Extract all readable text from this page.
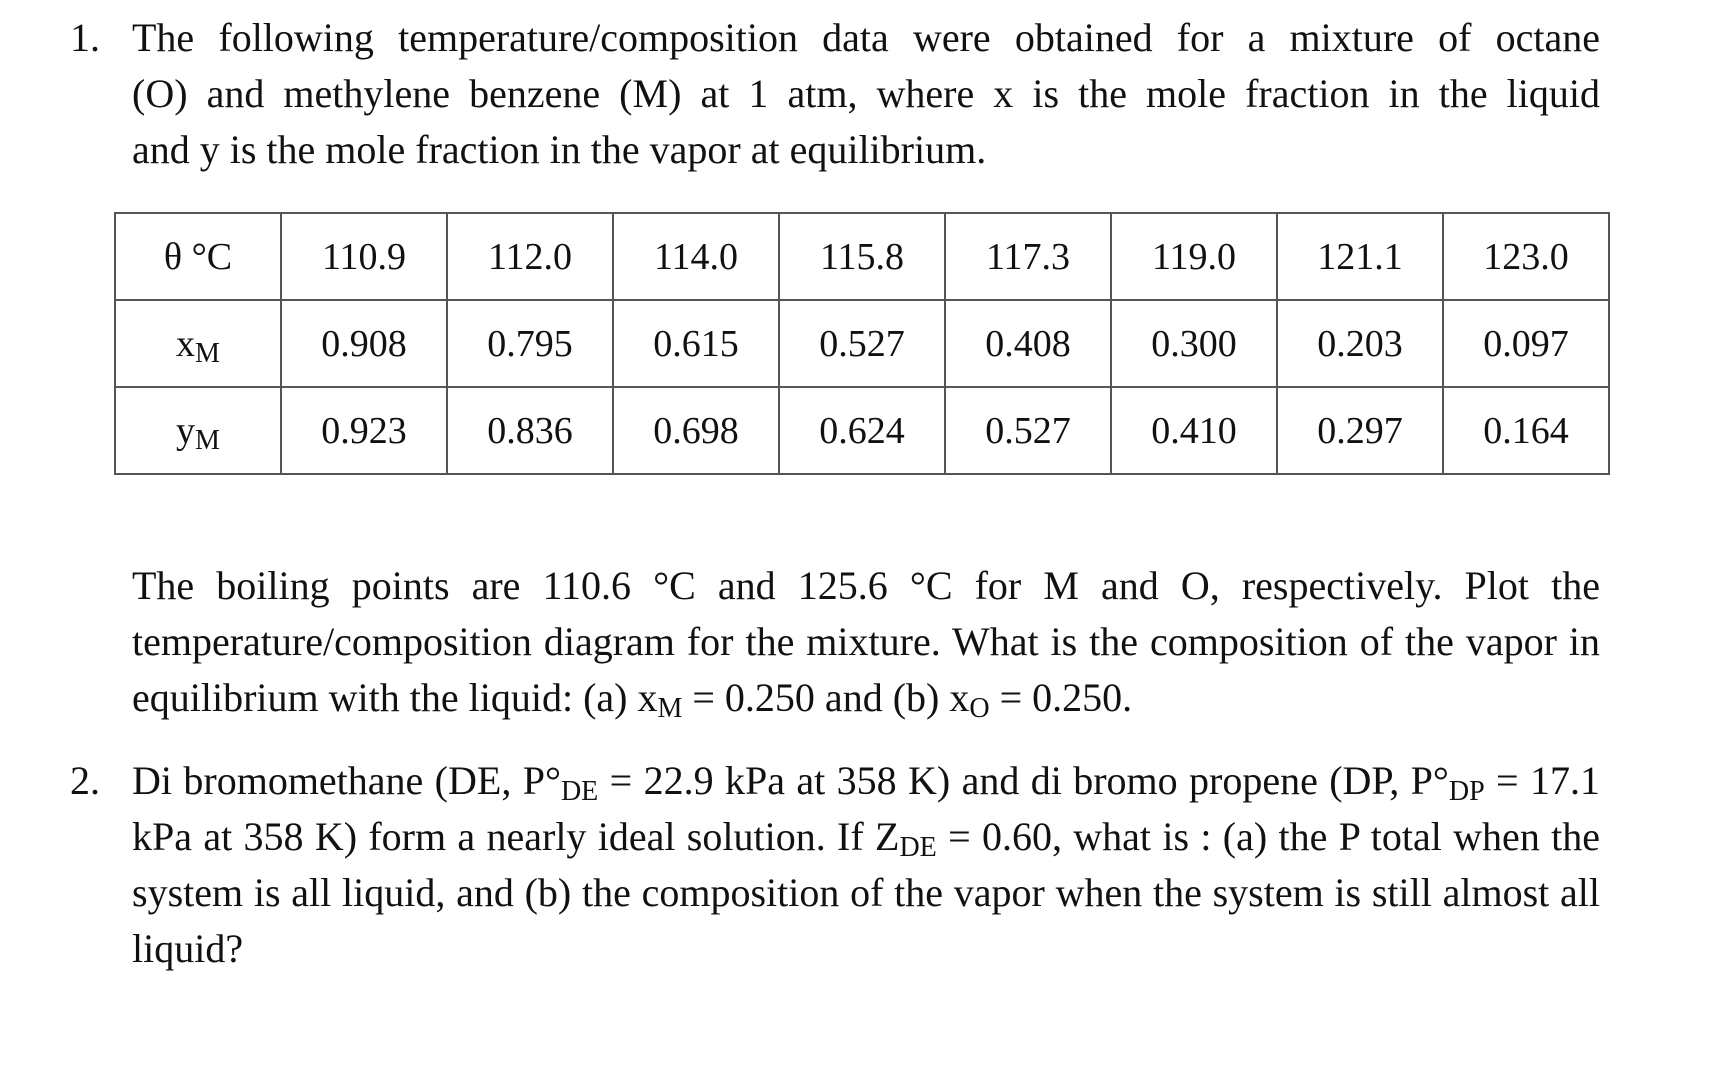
1. The following temperature/composition data were obtained for a mixture of octane
(O) and methylene benzene (M) at 1 atm, where x is the mole fraction in the liquid
and y is the mole fraction in the vapor at equilibrium.
θ °C	110.9	112.0	114.0	115.8	117.3	119.0	121.1	123.0
$x_M$	0.908	0.795	0.615	0.527	0.408	0.300	0.203	0.097
$y_M$	0.923	0.836	0.698	0.624	0.527	0.410	0.297	0.164
The boiling points are 110.6 °C and 125.6 °C for M and O, respectively. Plot the temperature/composition diagram for the mixture. What is the composition of the vapor in equilibrium with the liquid: (a) $x_M = 0.250$ and (b) $x_O = 0.250$.
2. Di bromomethane (DE, $P^\circ_{DE} = 22.9$ kPa at 358 K) and di bromo propene (DP, $P^\circ_{DP} = 17.1$ kPa at 358 K) form a nearly ideal solution. If $Z_{DE} = 0.60$, what is : (a) the P total when the system is all liquid, and (b) the composition of the vapor when the system is still almost all liquid?
